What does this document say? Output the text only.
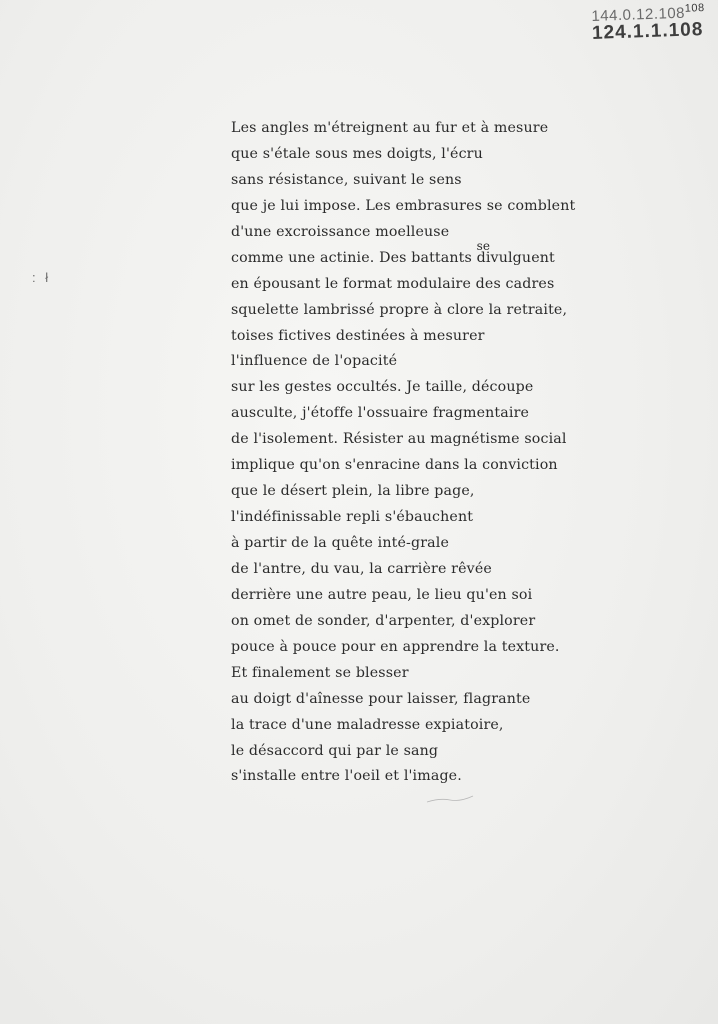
144.0.12.108$^{108}$
124.1.1.108
: ł
Les angles m'étreignent au fur et à mesure
que s'étale sous mes doigts, l'écru
sans résistance, suivant le sens
que je lui impose. Les embrasures se comblent
d'une excroissance moelleuse
comme une actinie. Des battants
se
divulguent
en épousant le format modulaire des cadres
squelette lambrissé propre à clore la retraite,
toises fictives destinées à mesurer
l'influence de l'opacité
sur les gestes occultés. Je taille, découpe
ausculte, j'étoffe l'ossuaire fragmentaire
de l'isolement. Résister au magnétisme social
implique qu'on s'enracine dans la conviction
que le désert plein, la libre page,
l'indéfinissable repli s'ébauchent
à partir de la quête inté-grale
de l'antre, du vau, la carrière rêvée
derrière une autre peau, le lieu qu'en soi
on omet de sonder, d'arpenter, d'explorer
pouce à pouce pour en apprendre la texture.
Et finalement se blesser
au doigt d'aînesse pour laisser, flagrante
la trace d'une maladresse expiatoire,
le désaccord qui par le sang
s'installe entre l'oeil et l'image.
